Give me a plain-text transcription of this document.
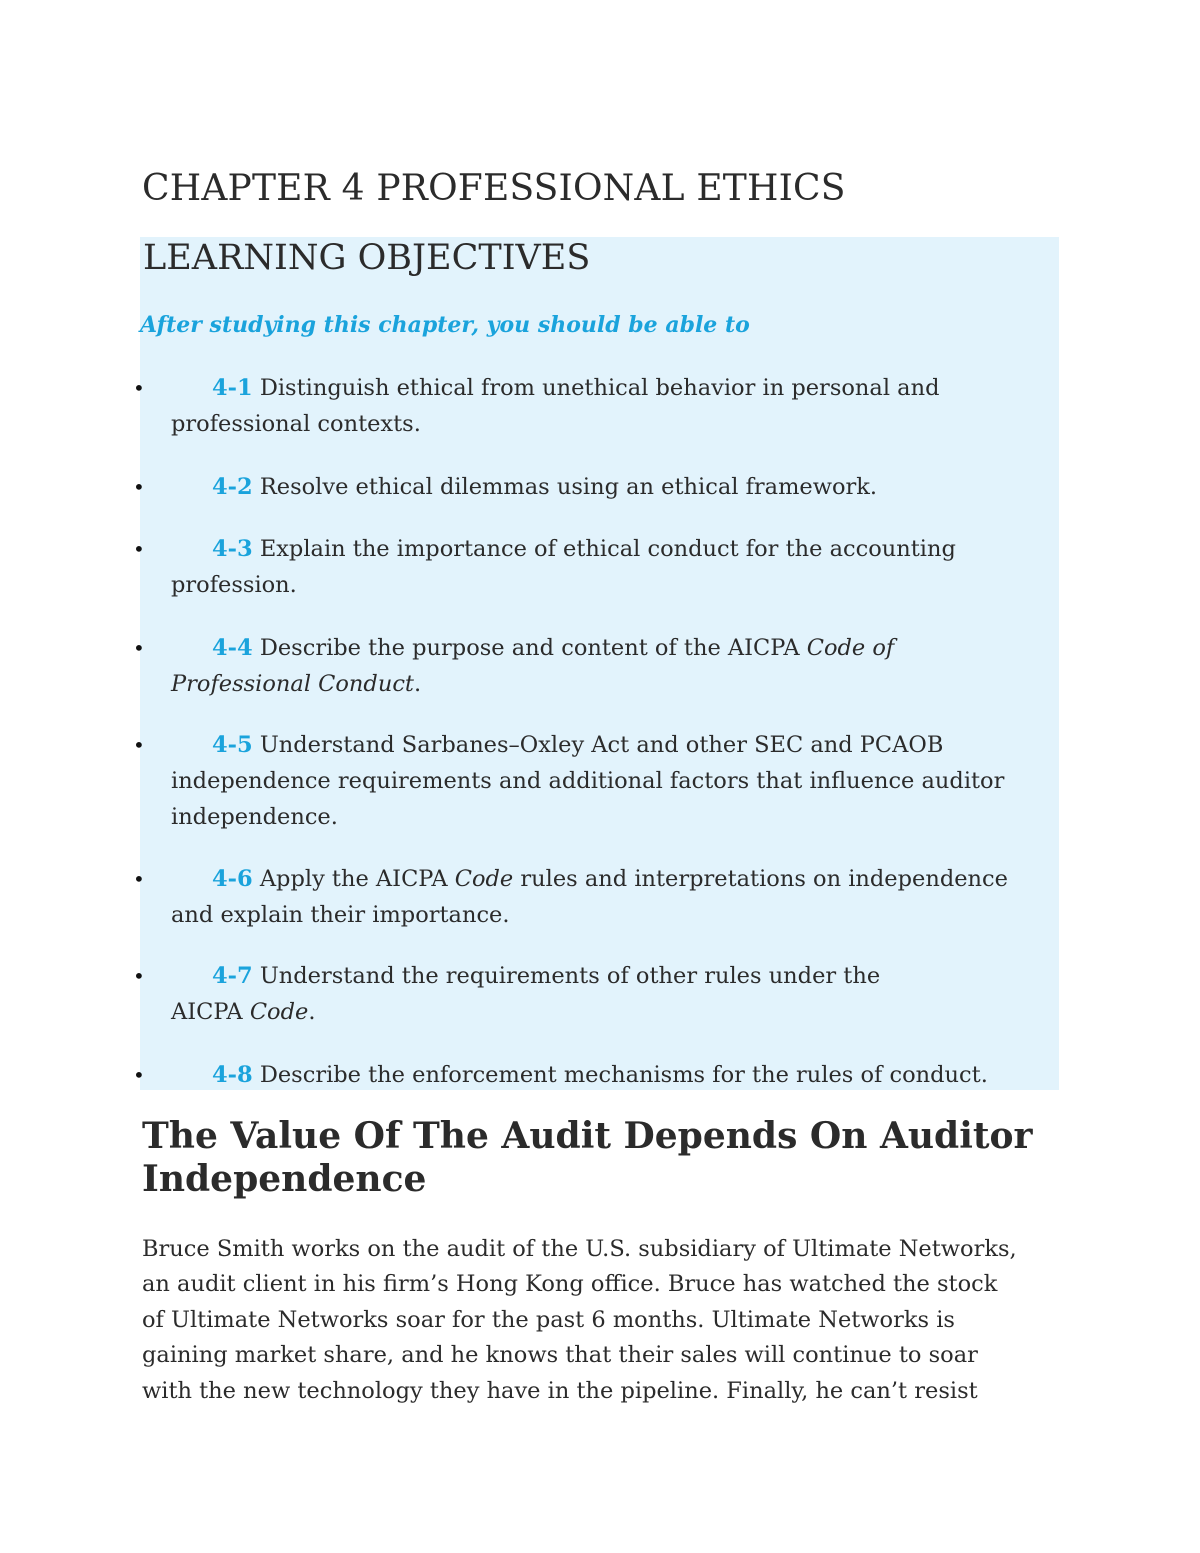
CHAPTER 4 PROFESSIONAL ETHICS
LEARNING OBJECTIVES

After studying this chapter, you should be able to

•	4-1 Distinguish ethical from unethical behavior in personal and
professional contexts.

•	4-2 Resolve ethical dilemmas using an ethical framework.

•	4-3 Explain the importance of ethical conduct for the accounting
profession.

•	4-4 Describe the purpose and content of the AICPA Code of
Professional Conduct.

•	4-5 Understand Sarbanes–Oxley Act and other SEC and PCAOB
independence requirements and additional factors that influence auditor
independence.

•	4-6 Apply the AICPA Code rules and interpretations on independence
and explain their importance.

•	4-7 Understand the requirements of other rules under the
AICPA Code.

•	4-8 Describe the enforcement mechanisms for the rules of conduct.

The Value Of The Audit Depends On Auditor
Independence

Bruce Smith works on the audit of the U.S. subsidiary of Ultimate Networks,
an audit client in his firm’s Hong Kong office. Bruce has watched the stock
of Ultimate Networks soar for the past 6 months. Ultimate Networks is
gaining market share, and he knows that their sales will continue to soar
with the new technology they have in the pipeline. Finally, he can’t resist
